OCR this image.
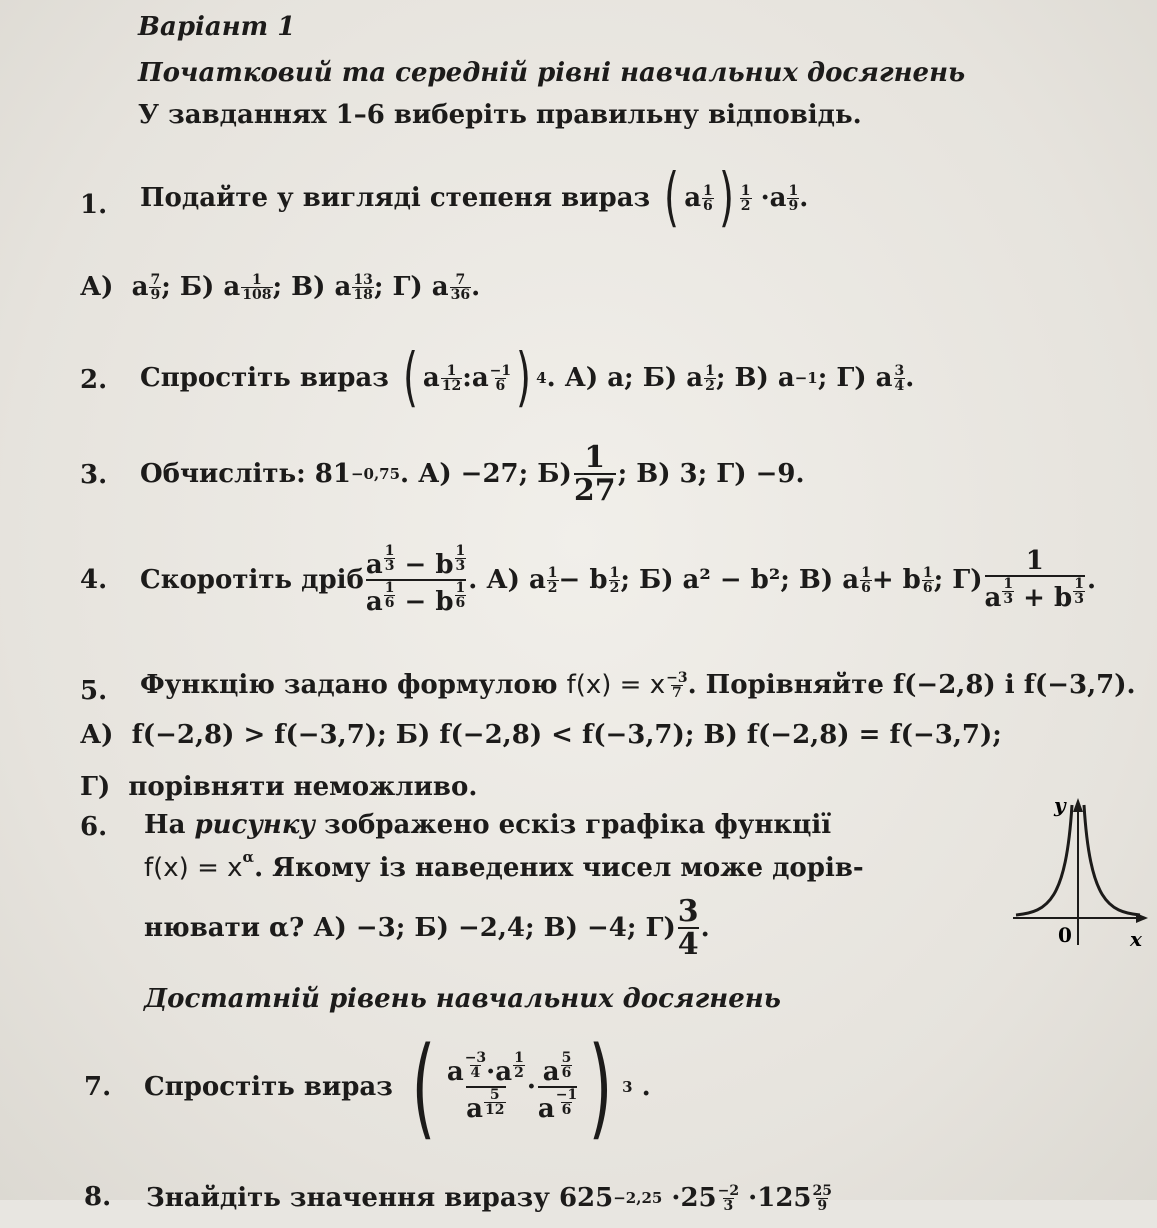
Варіант 1
Початковий та середній рівні навчальних досягнень
У завданнях 1–6 виберіть правильну відповідь.
1. Подайте у вигляді степеня вираз
( a 1
6 ) 1
2 ·a 1
9 .
А) a 7
9 ; Б) a 1
108 ; В) a 13
18 ; Г) a 7
36 .
2. Спростіть вираз
( a 1
12 :a −1
6 ) 4 . А) a; Б) a 1
2 ; В) a −1 ; Г) a 3
4 .
3. Обчисліть: 81 −0,75 . А) −27; Б) 1
27 ; В) 3; Г) −9.
4. Скоротіть дріб
a $\frac{1}{3} - b \frac{1}{3}$
a $\frac{1}{6} - b \frac{1}{6}$
. А) a 1
2 − b 1
2 ; Б) a² − b²; В) a 1
6 + b 1
6 ; Г)
1
a $\frac{1}{3} + b \frac{1}{3}$ .
5. Функцію задано формулою
f(x) = x −3
7 . Порівняйте f(−2,8) і f(−3,7).
А) f(−2,8) > f(−3,7); Б) f(−2,8) < f(−3,7); В) f(−2,8) = f(−3,7);
Г) порівняти неможливо.
6. На рисунку зображено ескіз графіка функції
$f(x) = x^\alpha$. Якому із наведених чисел може дорів-
нювати α? А) −3; Б) −2,4; В) −4; Г) 3
4 .
y
x
0
Достатній рівень навчальних досягнень
7. Спростіть вираз
( a $\frac{-3}{4} \cdot a \frac{1}{2}$
a $\frac{5}{12}$
·
a $\frac{5}{6}$
a $\frac{-1}{6}$ ) 3 .
8. Знайдіть значення виразу 625 −2,25 ·25 −2
3 ·125 25
9
